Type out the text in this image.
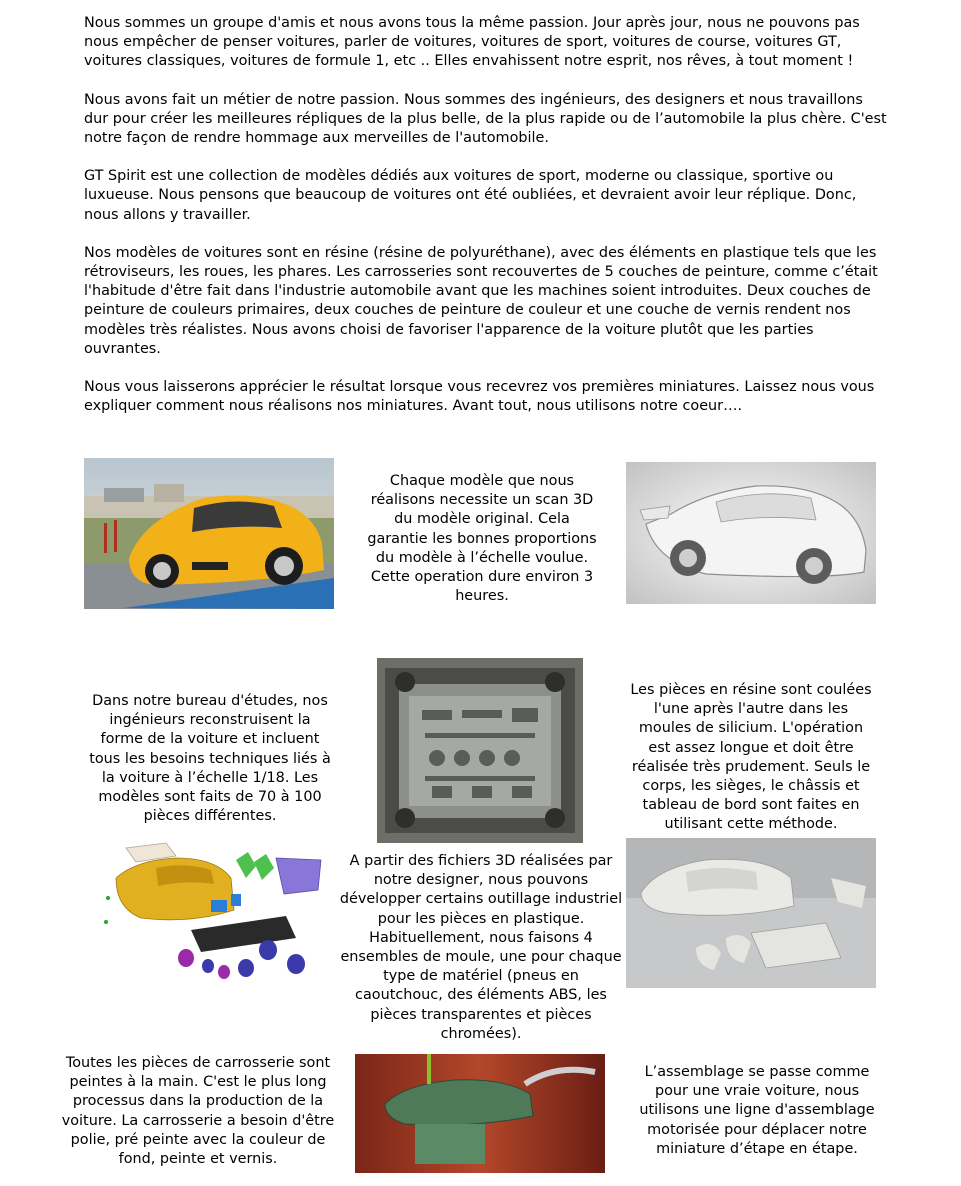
Nous sommes un groupe d'amis et nous avons tous la même passion. Jour après jour, nous ne pouvons pas nous empêcher de penser voitures, parler de voitures, voitures de sport, voitures de course, voitures GT, voitures classiques, voitures de formule 1, etc .. Elles envahissent notre esprit, nos rêves, à tout moment !

Nous avons fait un métier de notre passion. Nous sommes des ingénieurs, des designers et nous travaillons dur pour créer les meilleures répliques de la plus belle, de la plus rapide ou de l’automobile la plus chère. C'est notre façon de rendre hommage aux merveilles de l'automobile.

GT Spirit est une collection de modèles dédiés aux voitures de sport, moderne ou classique, sportive ou luxueuse. Nous pensons que beaucoup de voitures ont été oubliées, et devraient avoir leur réplique. Donc, nous allons y travailler.

Nos modèles de voitures sont en résine (résine de polyuréthane), avec des éléments en plastique tels que les rétroviseurs, les roues, les phares. Les carrosseries sont recouvertes de 5 couches de peinture, comme c’était l'habitude d'être fait dans l'industrie automobile avant que les machines soient introduites. Deux couches de peinture de couleurs primaires, deux couches de peinture de couleur et une couche de vernis rendent nos modèles très réalistes. Nous avons choisi de favoriser l'apparence de la voiture plutôt que les parties ouvrantes.

Nous vous laisserons apprécier le résultat lorsque vous recevrez vos premières miniatures. Laissez nous vous expliquer comment nous réalisons nos miniatures. Avant tout, nous utilisons notre coeur….

Chaque modèle que nous réalisons necessite un scan 3D du modèle original. Cela garantie les bonnes proportions du modèle à l’échelle voulue. Cette operation dure environ 3 heures.
Dans notre bureau d'études, nos ingénieurs reconstruisent la forme de la voiture et incluent tous les besoins techniques liés à la voiture à l’échelle 1/18. Les modèles sont faits de 70 à 100 pièces différentes.
Les pièces en résine sont coulées l'une après l'autre dans les moules de silicium. L'opération est assez longue et doit être réalisée très prudement. Seuls le corps, les sièges, le châssis et tableau de bord sont faites en utilisant cette méthode.
A partir des fichiers 3D réalisées par notre designer, nous pouvons développer certains outillage industriel pour les pièces en plastique. Habituellement, nous faisons 4 ensembles de moule, une pour chaque type de matériel (pneus en caoutchouc, des éléments ABS, les pièces transparentes et pièces chromées).
Toutes les pièces de carrosserie sont peintes à la main. C'est le plus long processus dans la production de la voiture. La carrosserie a besoin d'être polie, pré peinte avec la couleur de fond, peinte et vernis.
L’assemblage se passe comme pour une vraie voiture, nous utilisons une ligne d'assemblage motorisée pour déplacer notre miniature d’étape en étape.
